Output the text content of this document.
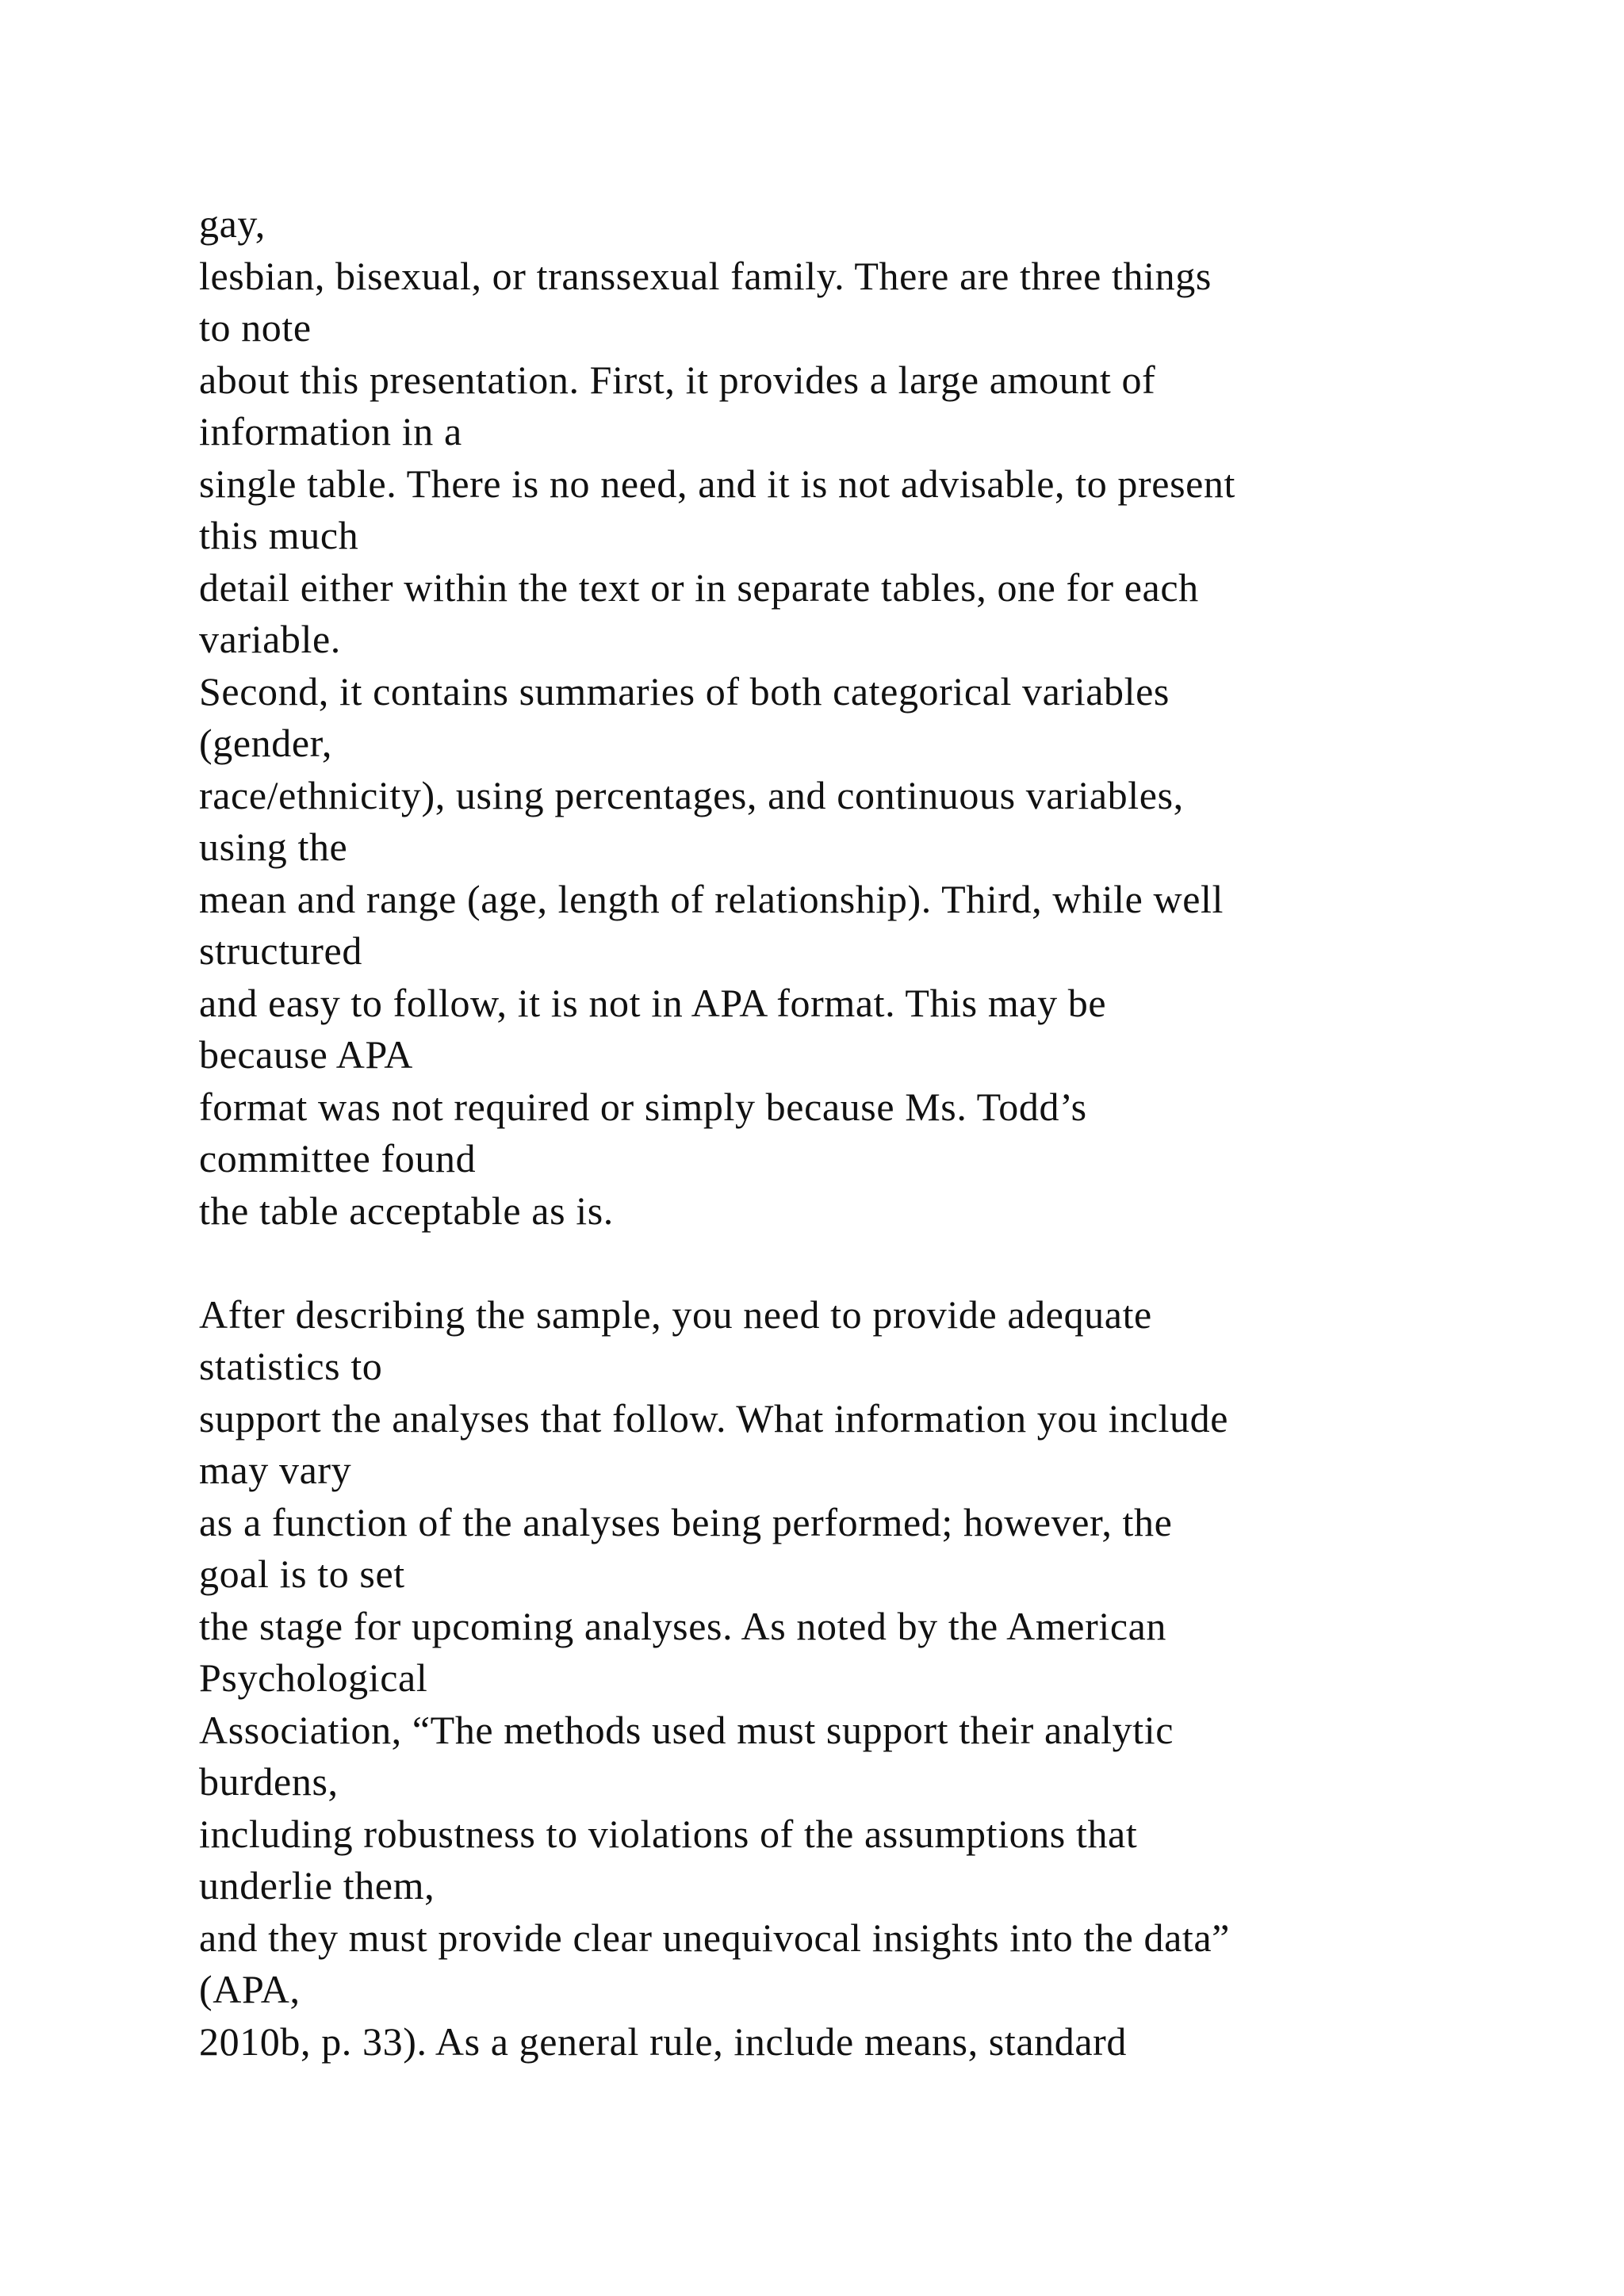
gay,
lesbian, bisexual, or transsexual family. There are three things
to note
about this presentation. First, it provides a large amount of
information in a
single table. There is no need, and it is not advisable, to present
this much
detail either within the text or in separate tables, one for each
variable.
Second, it contains summaries of both categorical variables
(gender,
race/ethnicity), using percentages, and continuous variables,
using the
mean and range (age, length of relationship). Third, while well
structured
and easy to follow, it is not in APA format. This may be
because APA
format was not required or simply because Ms. Todd’s
committee found
the table acceptable as is.
After describing the sample, you need to provide adequate
statistics to
support the analyses that follow. What information you include
may vary
as a function of the analyses being performed; however, the
goal is to set
the stage for upcoming analyses. As noted by the American
Psychological
Association, “The methods used must support their analytic
burdens,
including robustness to violations of the assumptions that
underlie them,
and they must provide clear unequivocal insights into the data”
(APA,
2010b, p. 33). As a general rule, include means, standard
